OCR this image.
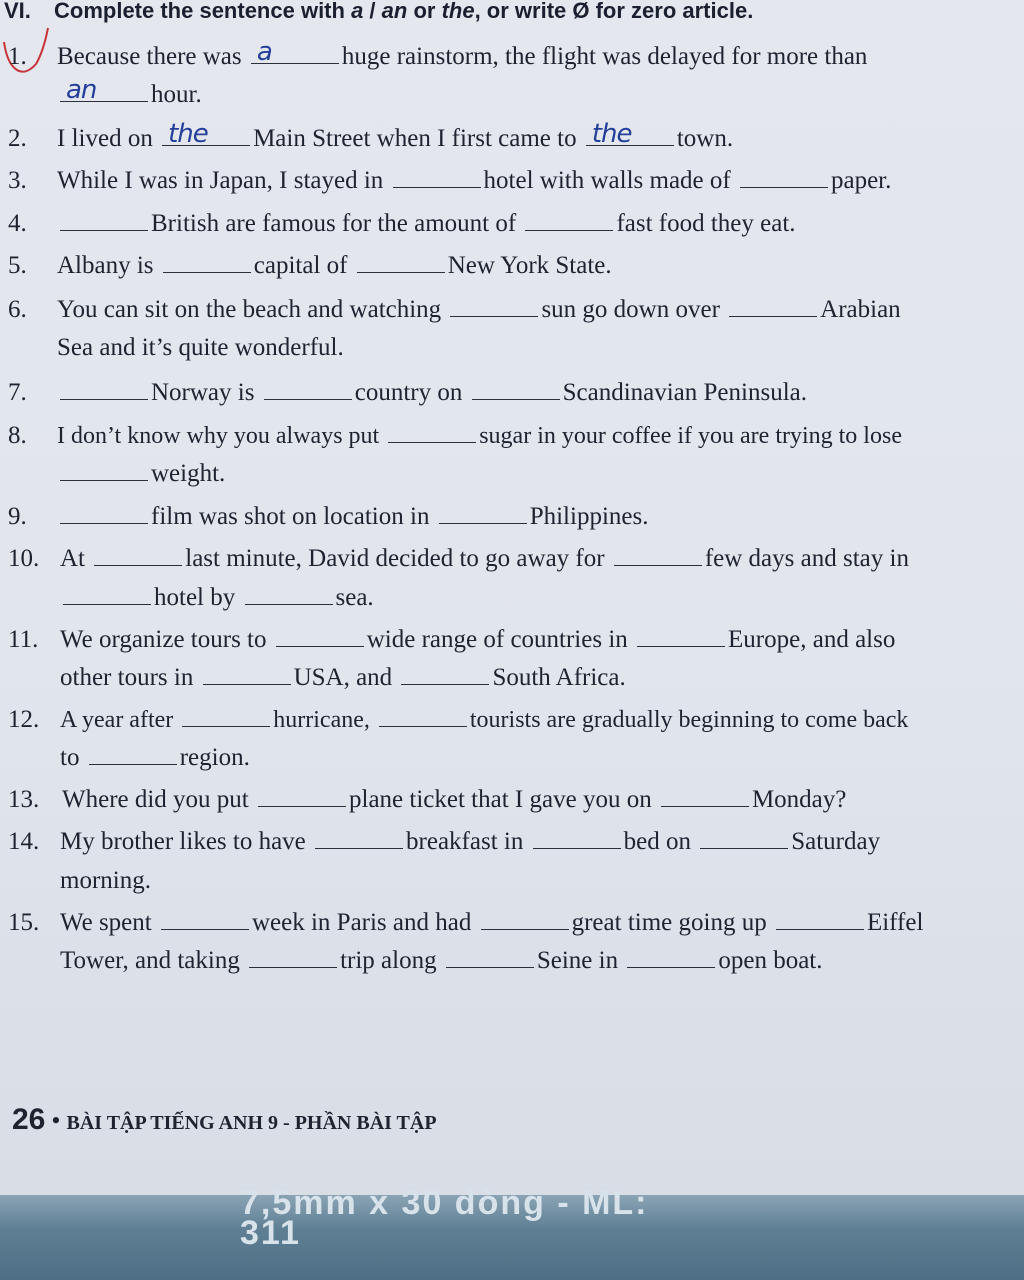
VI. Complete the sentence with a / an or the, or write Ø for zero article.
1. Because there was a	huge rainstorm, the flight was delayed for more than
an hour.
2. I lived on the Main Street when I first came to the town.
3. While I was in Japan, I stayed in	hotel with walls made of	paper.
4.	British are famous for the amount of	fast food they eat.
5. Albany is	capital of	New York State.
6. You can sit on the beach and watching	sun go down over	Arabian
Sea and it’s quite wonderful.
7.	Norway is	country on	Scandinavian Peninsula.
8. I don’t know why you always put	sugar in your coffee if you are trying to lose
weight.
9.	film was shot on location in	Philippines.
10. At	last minute, David decided to go away for	few days and stay in
hotel by	sea.
11. We organize tours to	wide range of countries in	Europe, and also
other tours in	USA, and	South Africa.
12. A year after	hurricane,	tourists are gradually beginning to come back
to	region.
13. Where did you put	plane ticket that I gave you on	Monday?
14. My brother likes to have	breakfast in	bed on	Saturday
morning.
15. We spent	week in Paris and had	great time going up	Eiffel
Tower, and taking	trip along	Seine in	open boat.
26 • BÀI TẬP TIẾNG ANH 9 - PHẦN BÀI TẬP
7,5mm x 30 dòng - ML: 311
